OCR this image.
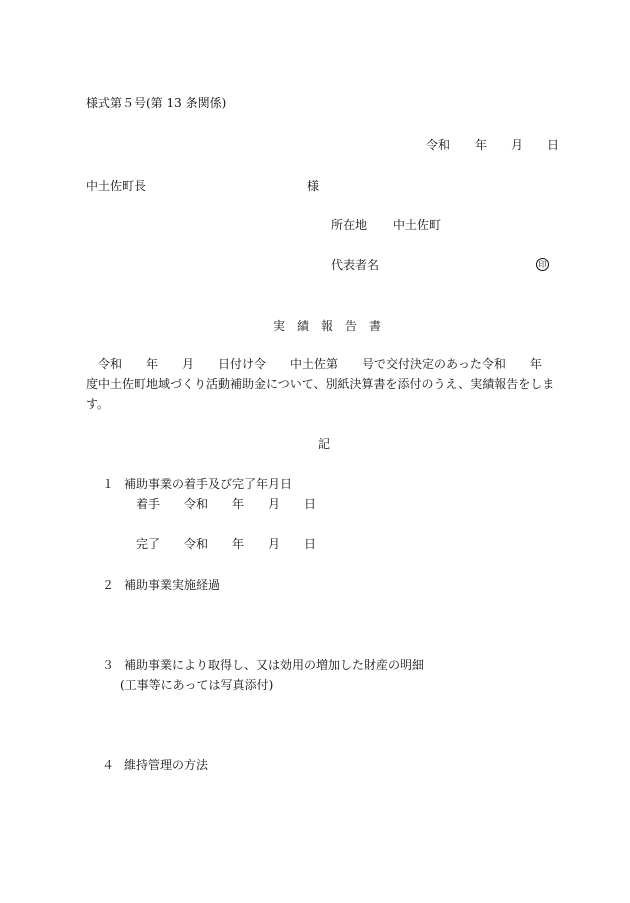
様式第５号(第 13 条関係)
令和 年 月 日
中土佐町長	様
所在地 中土佐町
代表者名	印
実　績　報　告　書
　令和　　年　　月　　日付け令　　中土佐第　　号で交付決定のあった令和　　年
度中土佐町地域づくり活動補助金について、別紙決算書を添付のうえ、実績報告をしま
す。
記
１ 補助事業の着手及び完了年月日
着手　　令和　　年　　月　　日
完了　　令和　　年　　月　　日
２ 補助事業実施経過
３ 補助事業により取得し、又は効用の増加した財産の明細
(工事等にあっては写真添付)
４ 維持管理の方法
